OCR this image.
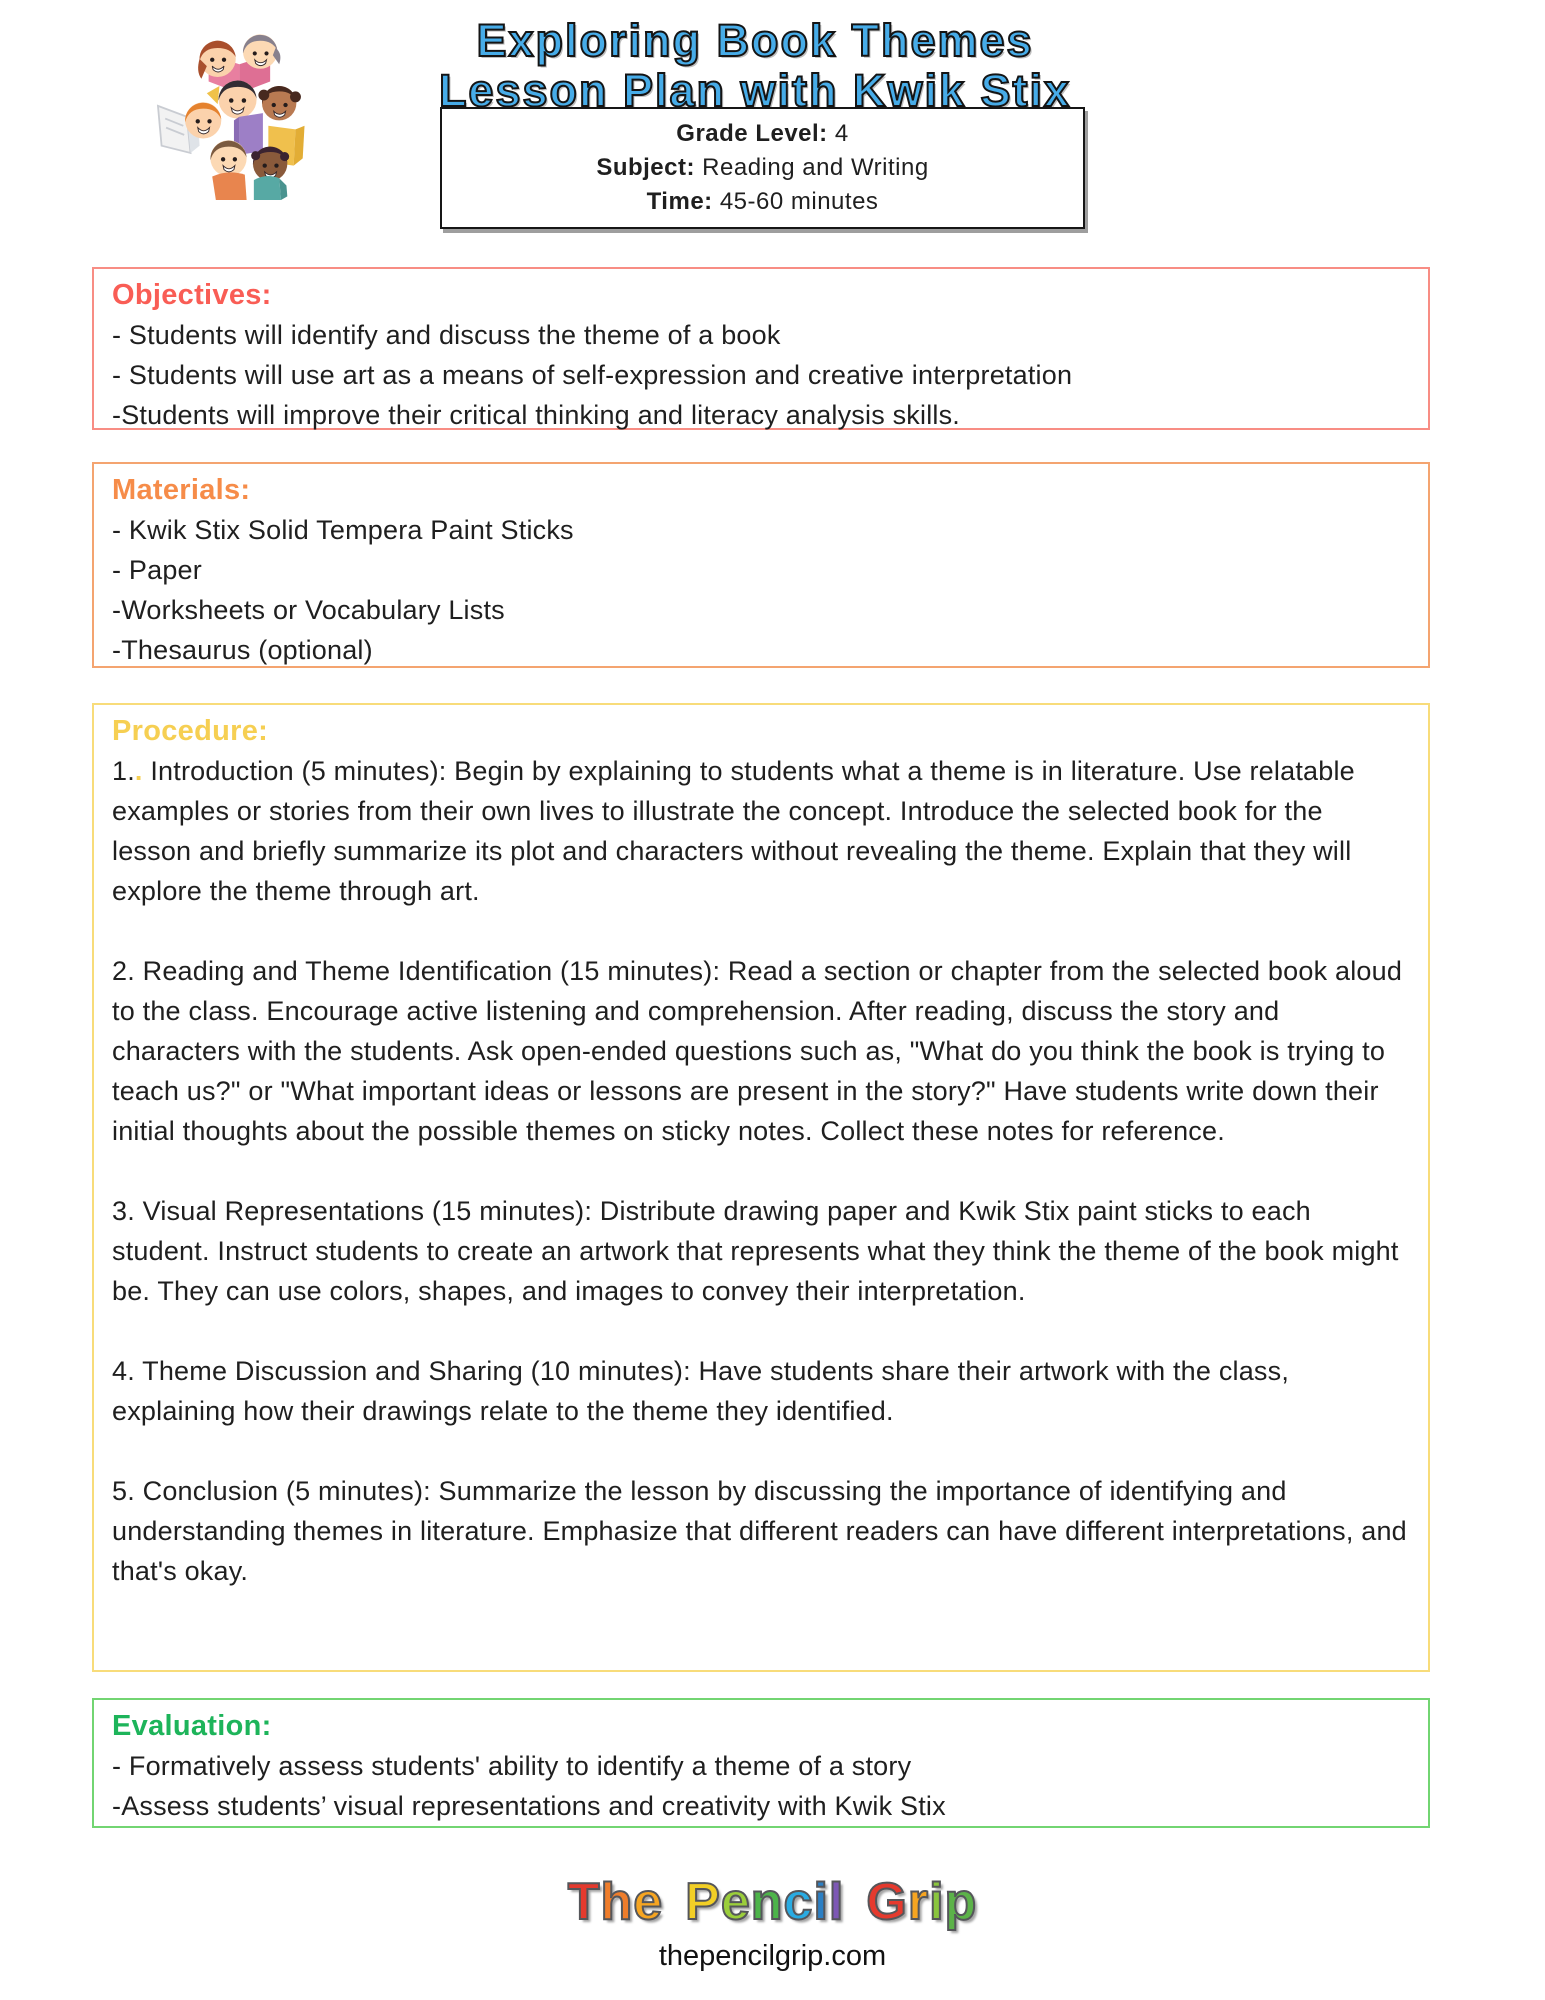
Exploring Book Themes
Lesson Plan with Kwik Stix
Grade Level: 4
Subject: Reading and Writing
Time: 45-60 minutes
Objectives:
- Students will identify and discuss the theme of a book
- Students will use art as a means of self-expression and creative interpretation
-Students will improve their critical thinking and literacy analysis skills.
Materials:
- Kwik Stix Solid Tempera Paint Sticks
- Paper
-Worksheets or Vocabulary Lists
-Thesaurus (optional)
Procedure:

1.. Introduction (5 minutes): Begin by explaining to students what a theme is in literature. Use relatable examples or stories from their own lives to illustrate the concept. Introduce the selected book for the lesson and briefly summarize its plot and characters without revealing the theme. Explain that they will explore the theme through art.

2. Reading and Theme Identification (15 minutes): Read a section or chapter from the selected book aloud to the class. Encourage active listening and comprehension. After reading, discuss the story and characters with the students. Ask open-ended questions such as, "What do you think the book is trying to teach us?" or "What important ideas or lessons are present in the story?" Have students write down their initial thoughts about the possible themes on sticky notes. Collect these notes for reference.

3. Visual Representations (15 minutes): Distribute drawing paper and Kwik Stix paint sticks to each student. Instruct students to create an artwork that represents what they think the theme of the book might be. They can use colors, shapes, and images to convey their interpretation.

4. Theme Discussion and Sharing (10 minutes): Have students share their artwork with the class, explaining how their drawings relate to the theme they identified.

5. Conclusion (5 minutes): Summarize the lesson by discussing the importance of identifying and understanding themes in literature. Emphasize that different readers can have different interpretations, and that's okay.

Evaluation:
- Formatively assess students' ability to identify a theme of a story
-Assess students’ visual representations and creativity with Kwik Stix
The Pencil Grip
thepencilgrip.com
